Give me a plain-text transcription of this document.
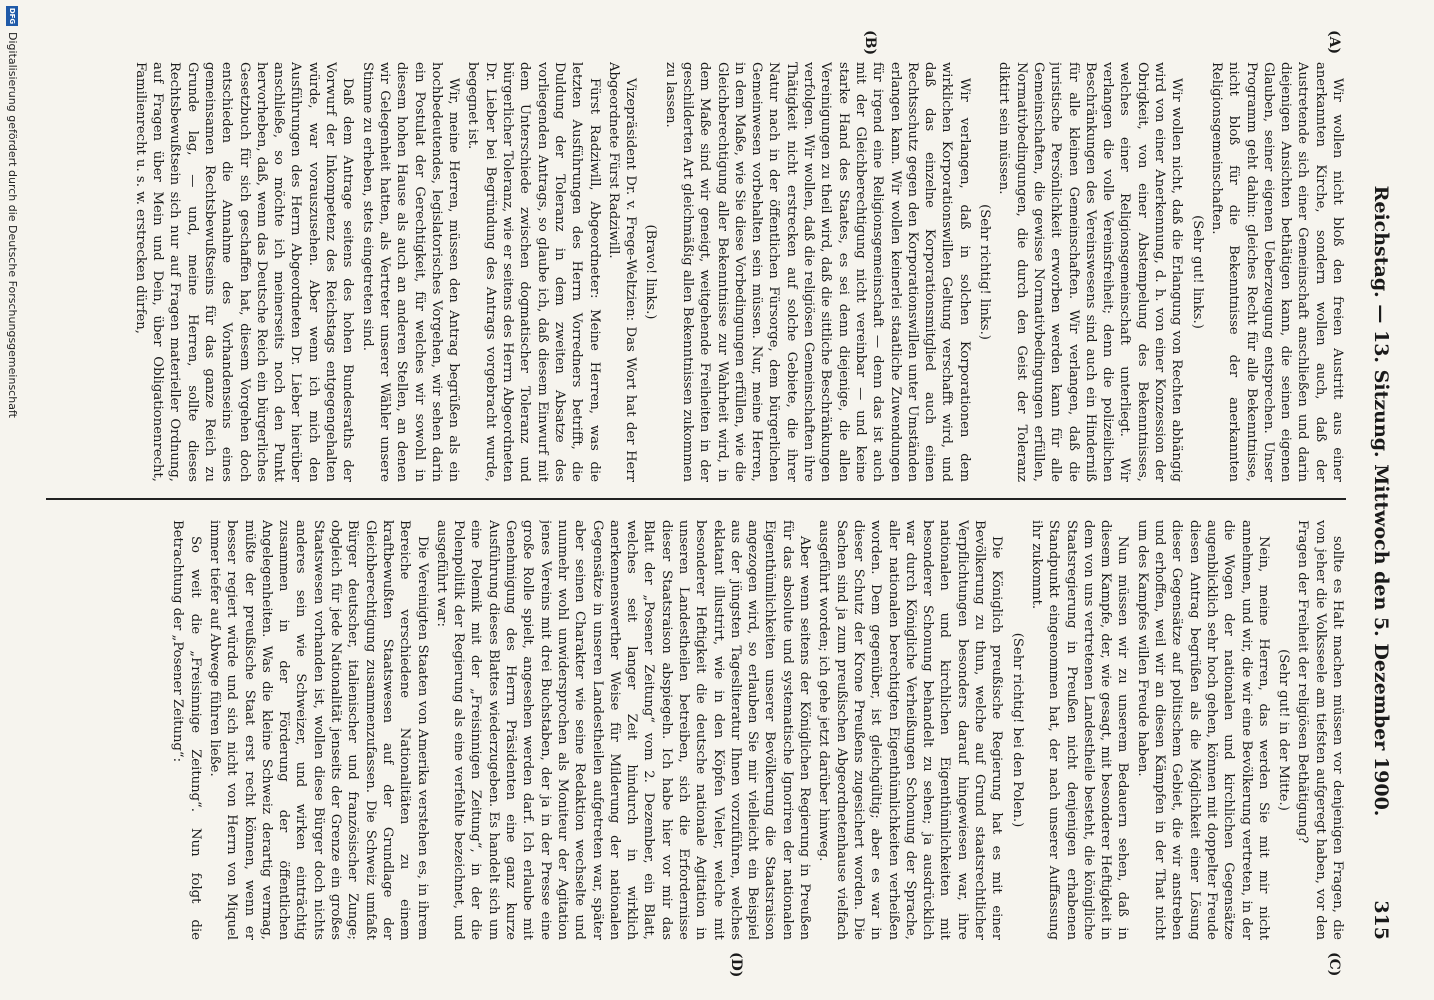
Reichstag. — 13. Sitzung. Mittwoch den 5. Dezember 1900.
315
(A)
(B)
(C)
(D)

Wir wollen nicht bloß den freien Austritt aus einer anerkannten Kirche, sondern wollen auch, daß der Austretende sich einer Gemeinschaft anschließen und darin diejenigen Ansichten bethätigen kann, die seinen eigenen Glauben, seiner eigenen Ueberzeugung entsprechen. Unser Programm geht dahin: gleiches Recht für alle Bekenntnisse, nicht bloß für die Bekenntnisse der anerkannten Religionsgemeinschaften.

(Sehr gut! links.)

Wir wollen nicht, daß die Erlangung von Rechten abhängig wird von einer Anerkennung, d. h. von einer Konzession der Obrigkeit, von einer Abstempelung des Bekenntnisses, welches einer Religionsgemeinschaft unterliegt. Wir verlangen die volle Vereinsfreiheit; denn die polizeilichen Beschränkungen des Vereinswesens sind auch ein Hinderniß für alle kleinen Gemeinschaften. Wir verlangen, daß die juristische Persönlichkeit erworben werden kann für alle Gemeinschaften, die gewisse Normativbedingungen erfüllen, Normativbedingungen, die durch den Geist der Toleranz diktirt sein müssen.

(Sehr richtig! links.)

Wir verlangen, daß in solchen Korporationen dem wirklichen Korporationswillen Geltung verschafft wird, und daß das einzelne Korporationsmitglied auch einen Rechtsschutz gegen den Korporationswillen unter Umständen erlangen kann. Wir wollen keinerlei staatliche Zuwendungen für irgend eine Religionsgemeinschaft — denn das ist auch mit der Gleichberechtigung nicht vereinbar — und keine starke Hand des Staates, es sei denn diejenige, die allen Vereinigungen zu theil wird, daß die sittliche Beschränkungen verfolgen. Wir wollen, daß die religiösen Gemeinschaften ihre Thätigkeit nicht erstrecken auf solche Gebiete, die ihrer Natur nach in der öffentlichen Fürsorge, dem bürgerlichen Gemeinwesen vorbehalten sein müssen. Nur, meine Herren, in dem Maße, wie Sie diese Vorbedingungen erfüllen, wie die Gleichberechtigung aller Bekenntnisse zur Wahrheit wird, in dem Maße sind wir geneigt, weitgehende Freiheiten in der geschilderten Art gleichmäßig allen Bekenntnissen zukommen zu lassen.

(Bravo! links.)

Vizepräsident Dr. v. Frege-Weltzien: Das Wort hat der Herr Abgeordnete Fürst Radziwill.

Fürst Radziwill, Abgeordneter: Meine Herren, was die letzten Ausführungen des Herrn Vorredners betrifft, die Duldung der Toleranz in dem zweiten Absatze des vorliegenden Antrags, so glaube ich, daß diesem Einwurf mit dem Unterschiede zwischen dogmatischer Toleranz und bürgerlicher Toleranz, wie er seitens des Herrn Abgeordneten Dr. Lieber bei Begründung des Antrags vorgebracht wurde, begegnet ist.

Wir, meine Herren, müssen den Antrag begrüßen als ein hochbedeutendes, legislatorisches Vorgehen, wir sehen darin ein Postulat der Gerechtigkeit, für welches wir sowohl in diesem hohen Hause als auch an anderen Stellen, an denen wir Gelegenheit hatten, als Vertreter unserer Wähler unsere Stimme zu erheben, stets eingetreten sind.

Daß dem Antrage seitens des hohen Bundesraths der Vorwurf der Inkompetenz des Reichstags entgegengehalten würde, war vorauszusehen. Aber wenn ich mich den Ausführungen des Herrn Abgeordneten Dr. Lieber hierüber anschließe, so möchte ich meinerseits noch den Punkt hervorheben, daß, wenn das Deutsche Reich ein bürgerliches Gesetzbuch für sich geschaffen hat, diesem Vorgehen doch entschieden die Annahme des Vorhandenseins eines gemeinsamen Rechtsbewußtseins für das ganze Reich zu Grunde lag, — und, meine Herren, sollte dieses Rechtsbewußtsein sich nur auf Fragen materieller Ordnung, auf Fragen über Mein und Dein, über Obligationenrecht, Familienrecht u. s. w. erstrecken dürfen,

sollte es Halt machen müssen vor denjenigen Fragen, die von jeher die Volksseele am tiefsten aufgeregt haben, vor den Fragen der Freiheit der religiösen Bethätigung?

(Sehr gut! in der Mitte.)

Nein, meine Herren, das werden Sie mit mir nicht annehmen, und wir, die wir eine Bevölkerung vertreten, in der die Wogen der nationalen und kirchlichen Gegensätze augenblicklich sehr hoch gehen, können mit doppelter Freude diesen Antrag begrüßen als die Möglichkeit einer Lösung dieser Gegensätze auf politischem Gebiet, die wir anstreben und erhoffen, weil wir an diesen Kämpfen in der That nicht um des Kampfes willen Freude haben.

Nun müssen wir zu unserem Bedauern sehen, daß in diesem Kampfe, der, wie gesagt, mit besonderer Heftigkeit in dem von uns vertretenen Landestheile besteht, die königliche Staatsregierung in Preußen nicht denjenigen erhabenen Standpunkt eingenommen hat, der nach unserer Auffassung ihr zukommt.

(Sehr richtig! bei den Polen.)

Die Königlich preußische Regierung hat es mit einer Bevölkerung zu thun, welche auf Grund staatsrechtlicher Verpflichtungen besonders darauf hingewiesen war, ihre nationalen und kirchlichen Eigenthümlichkeiten mit besonderer Schonung behandelt zu sehen; ja ausdrücklich war durch Königliche Verheißungen Schonung der Sprache, aller nationalen berechtigten Eigenthümlichkeiten verheißen worden. Dem gegenüber, ist gleichgültig; aber es war in dieser Schutz der Krone Preußens zugesichert worden. Die Sachen sind ja zum preußischen Abgeordnetenhause vielfach ausgeführt worden; ich gehe jetzt darüber hinweg.

Aber wenn seitens der Königlichen Regierung in Preußen für das absolute und systematische Ignoriren der nationalen Eigenthümlichkeiten unserer Bevölkerung die Staatsraison angezogen wird, so erlauben Sie mir vielleicht ein Beispiel aus der jüngsten Tagesliteratur Ihnen vorzuführen, welches eklatant illustrirt, wie in den Köpfen Vieler, welche mit besonderer Heftigkeit die deutsche nationale Agitation in unseren Landestheilen betreiben, sich die Erfordernisse dieser Staatsraison abspiegeln. Ich habe hier vor mir das Blatt der „Posener Zeitung“ vom 2. Dezember, ein Blatt, welches seit langer Zeit hindurch in wirklich anerkennenswerther Weise für Milderung der nationalen Gegensätze in unseren Landestheilen aufgetreten war, später aber seinen Charakter wie seine Redaktion wechselte und nunmehr wohl unwidersprochen als Moniteur der Agitation jenes Vereins mit drei Buchstaben, der ja in der Presse eine große Rolle spielt, angesehen werden darf. Ich erlaube mit Genehmigung des Herrn Präsidenten eine ganz kurze Ausführung dieses Blattes wiederzugeben. Es handelt sich um eine Polemik mit der „Freisinnigen Zeitung“, in der die Polenpolitik der Regierung als eine verfehlte bezeichnet, und ausgeführt war:

Die Vereinigten Staaten von Amerika verstehen es, in ihrem Bereiche verschiedene Nationalitäten zu einem kraftbewußten Staatswesen auf der Grundlage der Gleichberechtigung zusammenzufassen. Die Schweiz umfaßt Bürger deutscher, italienischer und französischer Zunge; obgleich für jede Nationalität jenseits der Grenze ein großes Staatswesen vorhanden ist, wollen diese Bürger doch nichts anderes sein wie Schweizer, und wirken einträchtig zusammen in der Förderung der öffentlichen Angelegenheiten. Was die kleine Schweiz derartig vermag, müßte der preußische Staat erst recht können, wenn er besser regiert würde und sich nicht von Herrn von Miquel immer tiefer auf Abwege führen ließe.

So weit die „Freisinnige Zeitung“. Nun folgt die Betrachtung der „Posener Zeitung“:

DFG
Digitalisierung gefördert durch die Deutsche Forschungsgemeinschaft
